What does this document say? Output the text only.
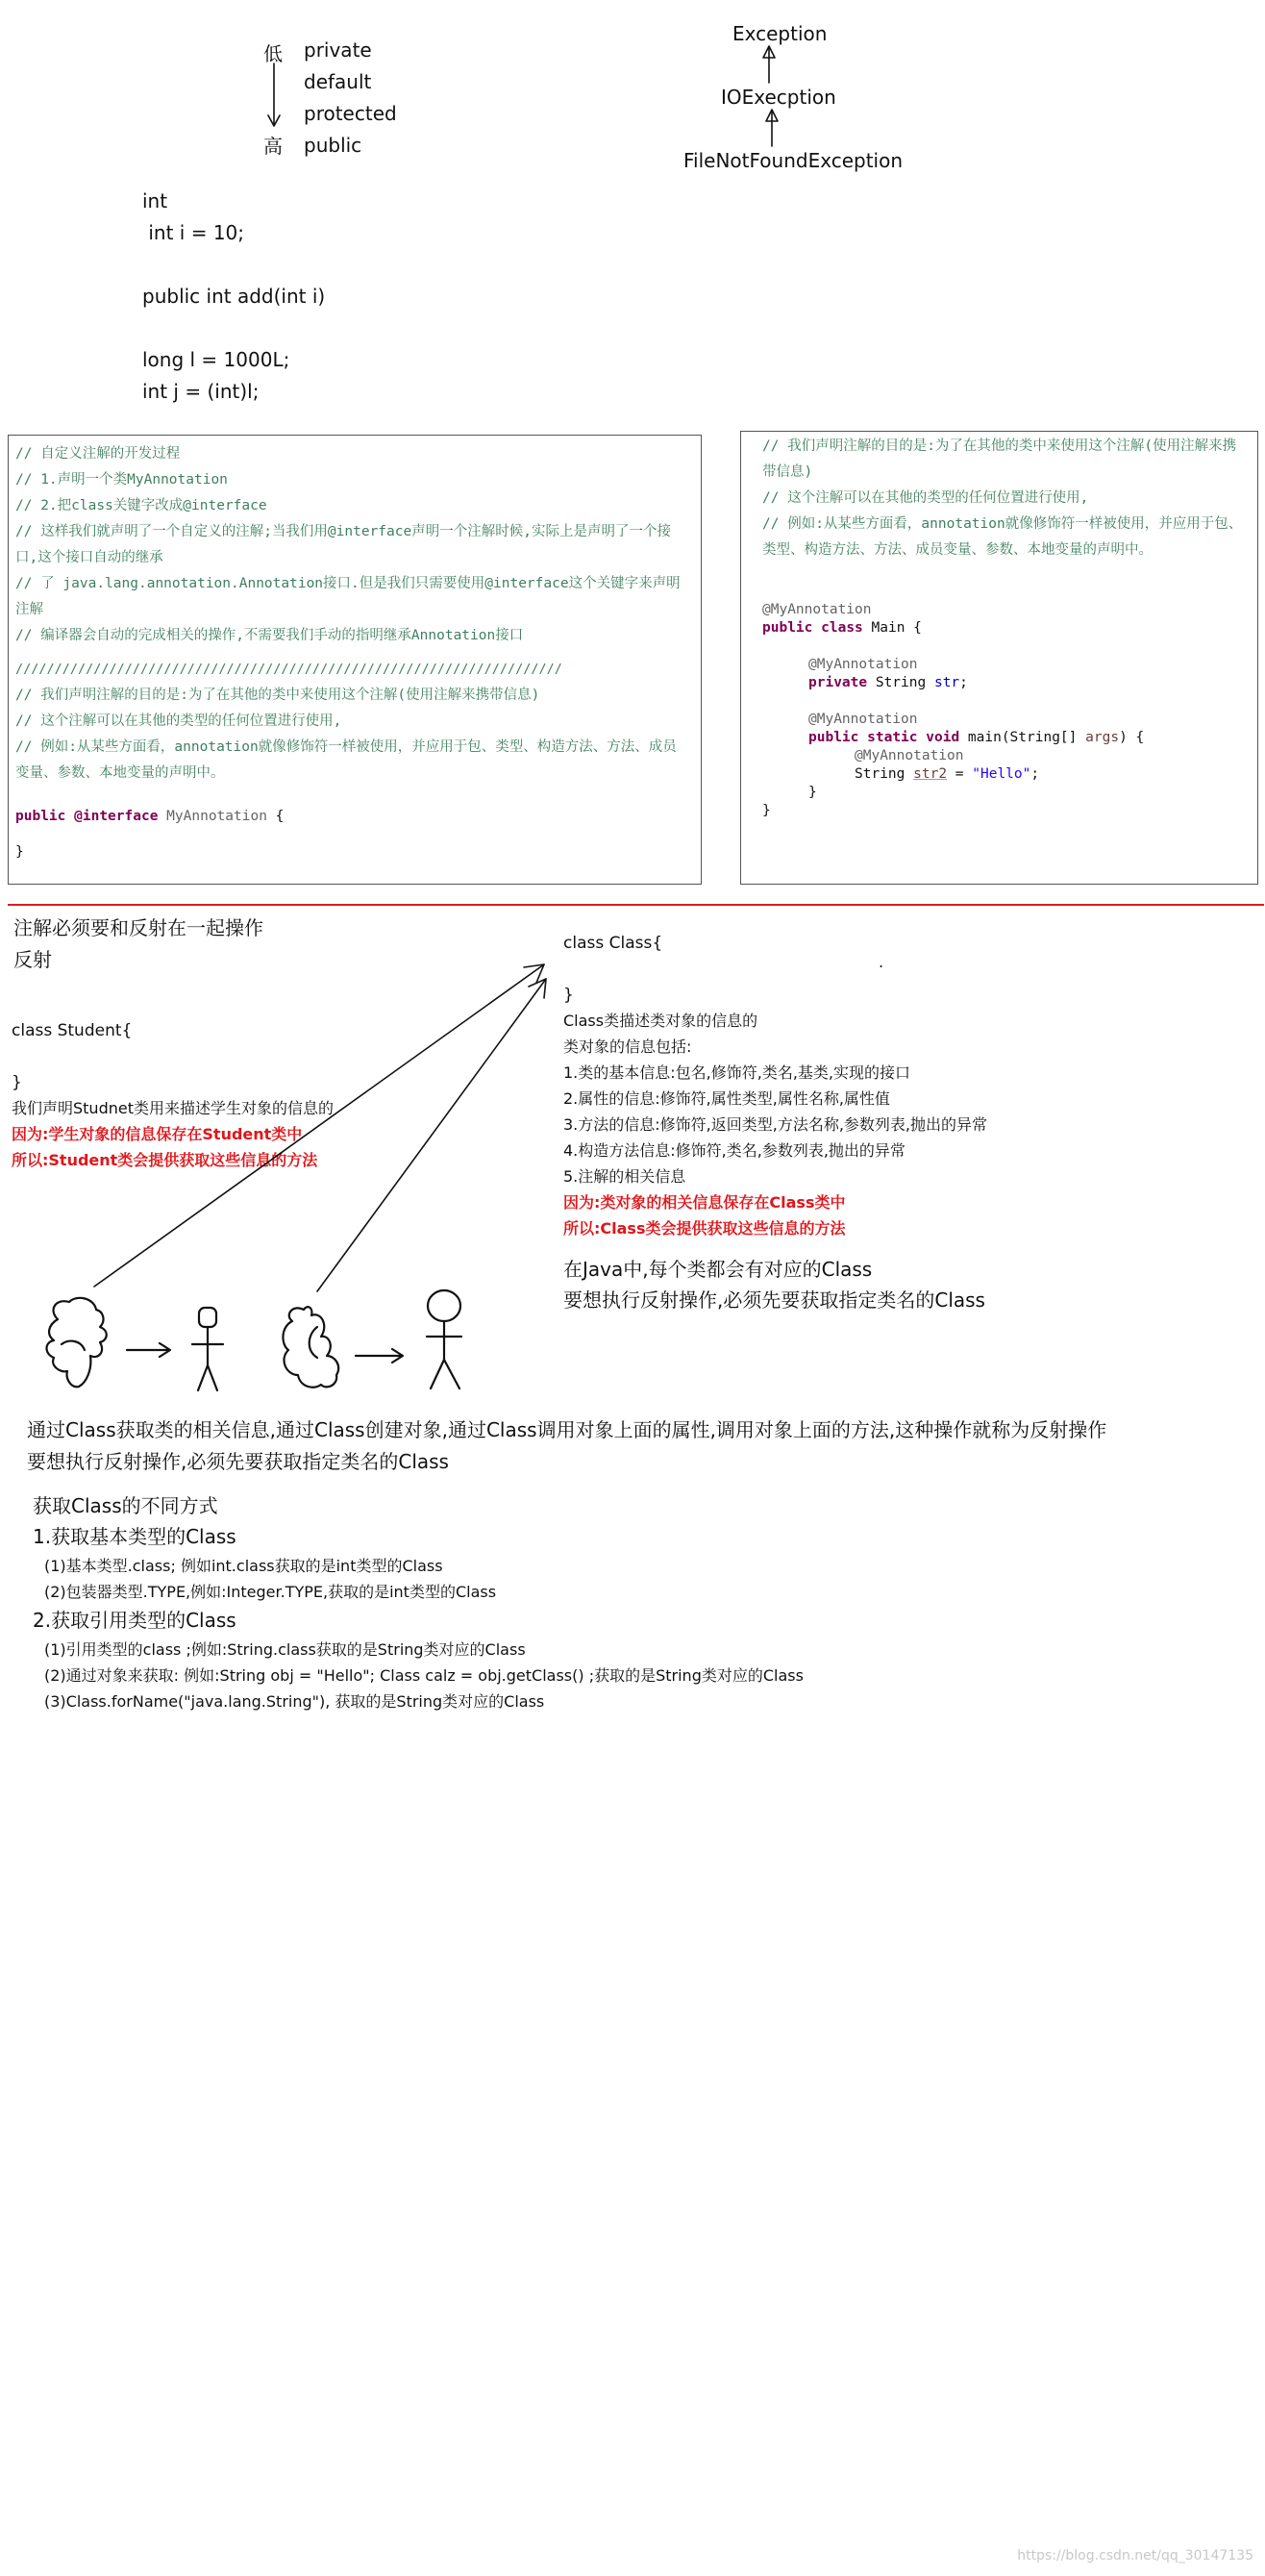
低
高
private
default
protected
public
Exception
IOExecption
FileNotFoundException
int
int i = 10;
public int add(int i)
long l = 1000L;
int j = (int)l;
// 自定义注解的开发过程
// 1.声明一个类MyAnnotation
// 2.把class关键字改成@interface
// 这样我们就声明了一个自定义的注解;当我们用@interface声明一个注解时候,实际上是声明了一个接口,这个接口自动的继承
// 了 java.lang.annotation.Annotation接口.但是我们只需要使用@interface这个关键字来声明注解
// 编译器会自动的完成相关的操作,不需要我们手动的指明继承Annotation接口
//////////////////////////////////////////////////////////////////////
// 我们声明注解的目的是:为了在其他的类中来使用这个注解(使用注解来携带信息)
// 这个注解可以在其他的类型的任何位置进行使用,
// 例如:从某些方面看，annotation就像修饰符一样被使用，并应用于包、类型、构造方法、方法、成员变量、参数、本地变量的声明中。
public @interface MyAnnotation {
}
// 我们声明注解的目的是:为了在其他的类中来使用这个注解(使用注解来携带信息)
// 这个注解可以在其他的类型的任何位置进行使用,
// 例如:从某些方面看，annotation就像修饰符一样被使用，并应用于包、类型、构造方法、方法、成员变量、参数、本地变量的声明中。
@MyAnnotation
public class Main {
@MyAnnotation
private String str;
@MyAnnotation
public static void main(String[] args) {
@MyAnnotation
String str2 = "Hello";
}
}
注解必须要和反射在一起操作
反射
class Student{
}
我们声明Studnet类用来描述学生对象的信息的
因为:学生对象的信息保存在Student类中
所以:Student类会提供获取这些信息的方法
class Class{
.
}
Class类描述类对象的信息的
类对象的信息包括:
1.类的基本信息:包名,修饰符,类名,基类,实现的接口
2.属性的信息:修饰符,属性类型,属性名称,属性值
3.方法的信息:修饰符,返回类型,方法名称,参数列表,抛出的异常
4.构造方法信息:修饰符,类名,参数列表,抛出的异常
5.注解的相关信息
因为:类对象的相关信息保存在Class类中
所以:Class类会提供获取这些信息的方法
在Java中,每个类都会有对应的Class
要想执行反射操作,必须先要获取指定类名的Class
通过Class获取类的相关信息,通过Class创建对象,通过Class调用对象上面的属性,调用对象上面的方法,这种操作就称为反射操作
要想执行反射操作,必须先要获取指定类名的Class
获取Class的不同方式
1.获取基本类型的Class
(1)基本类型.class; 例如int.class获取的是int类型的Class
(2)包装器类型.TYPE,例如:Integer.TYPE,获取的是int类型的Class
2.获取引用类型的Class
(1)引用类型的class ;例如:String.class获取的是String类对应的Class
(2)通过对象来获取: 例如:String obj = "Hello"; Class calz = obj.getClass() ;获取的是String类对应的Class
(3)Class.forName("java.lang.String"), 获取的是String类对应的Class
https://blog.csdn.net/qq_30147135
